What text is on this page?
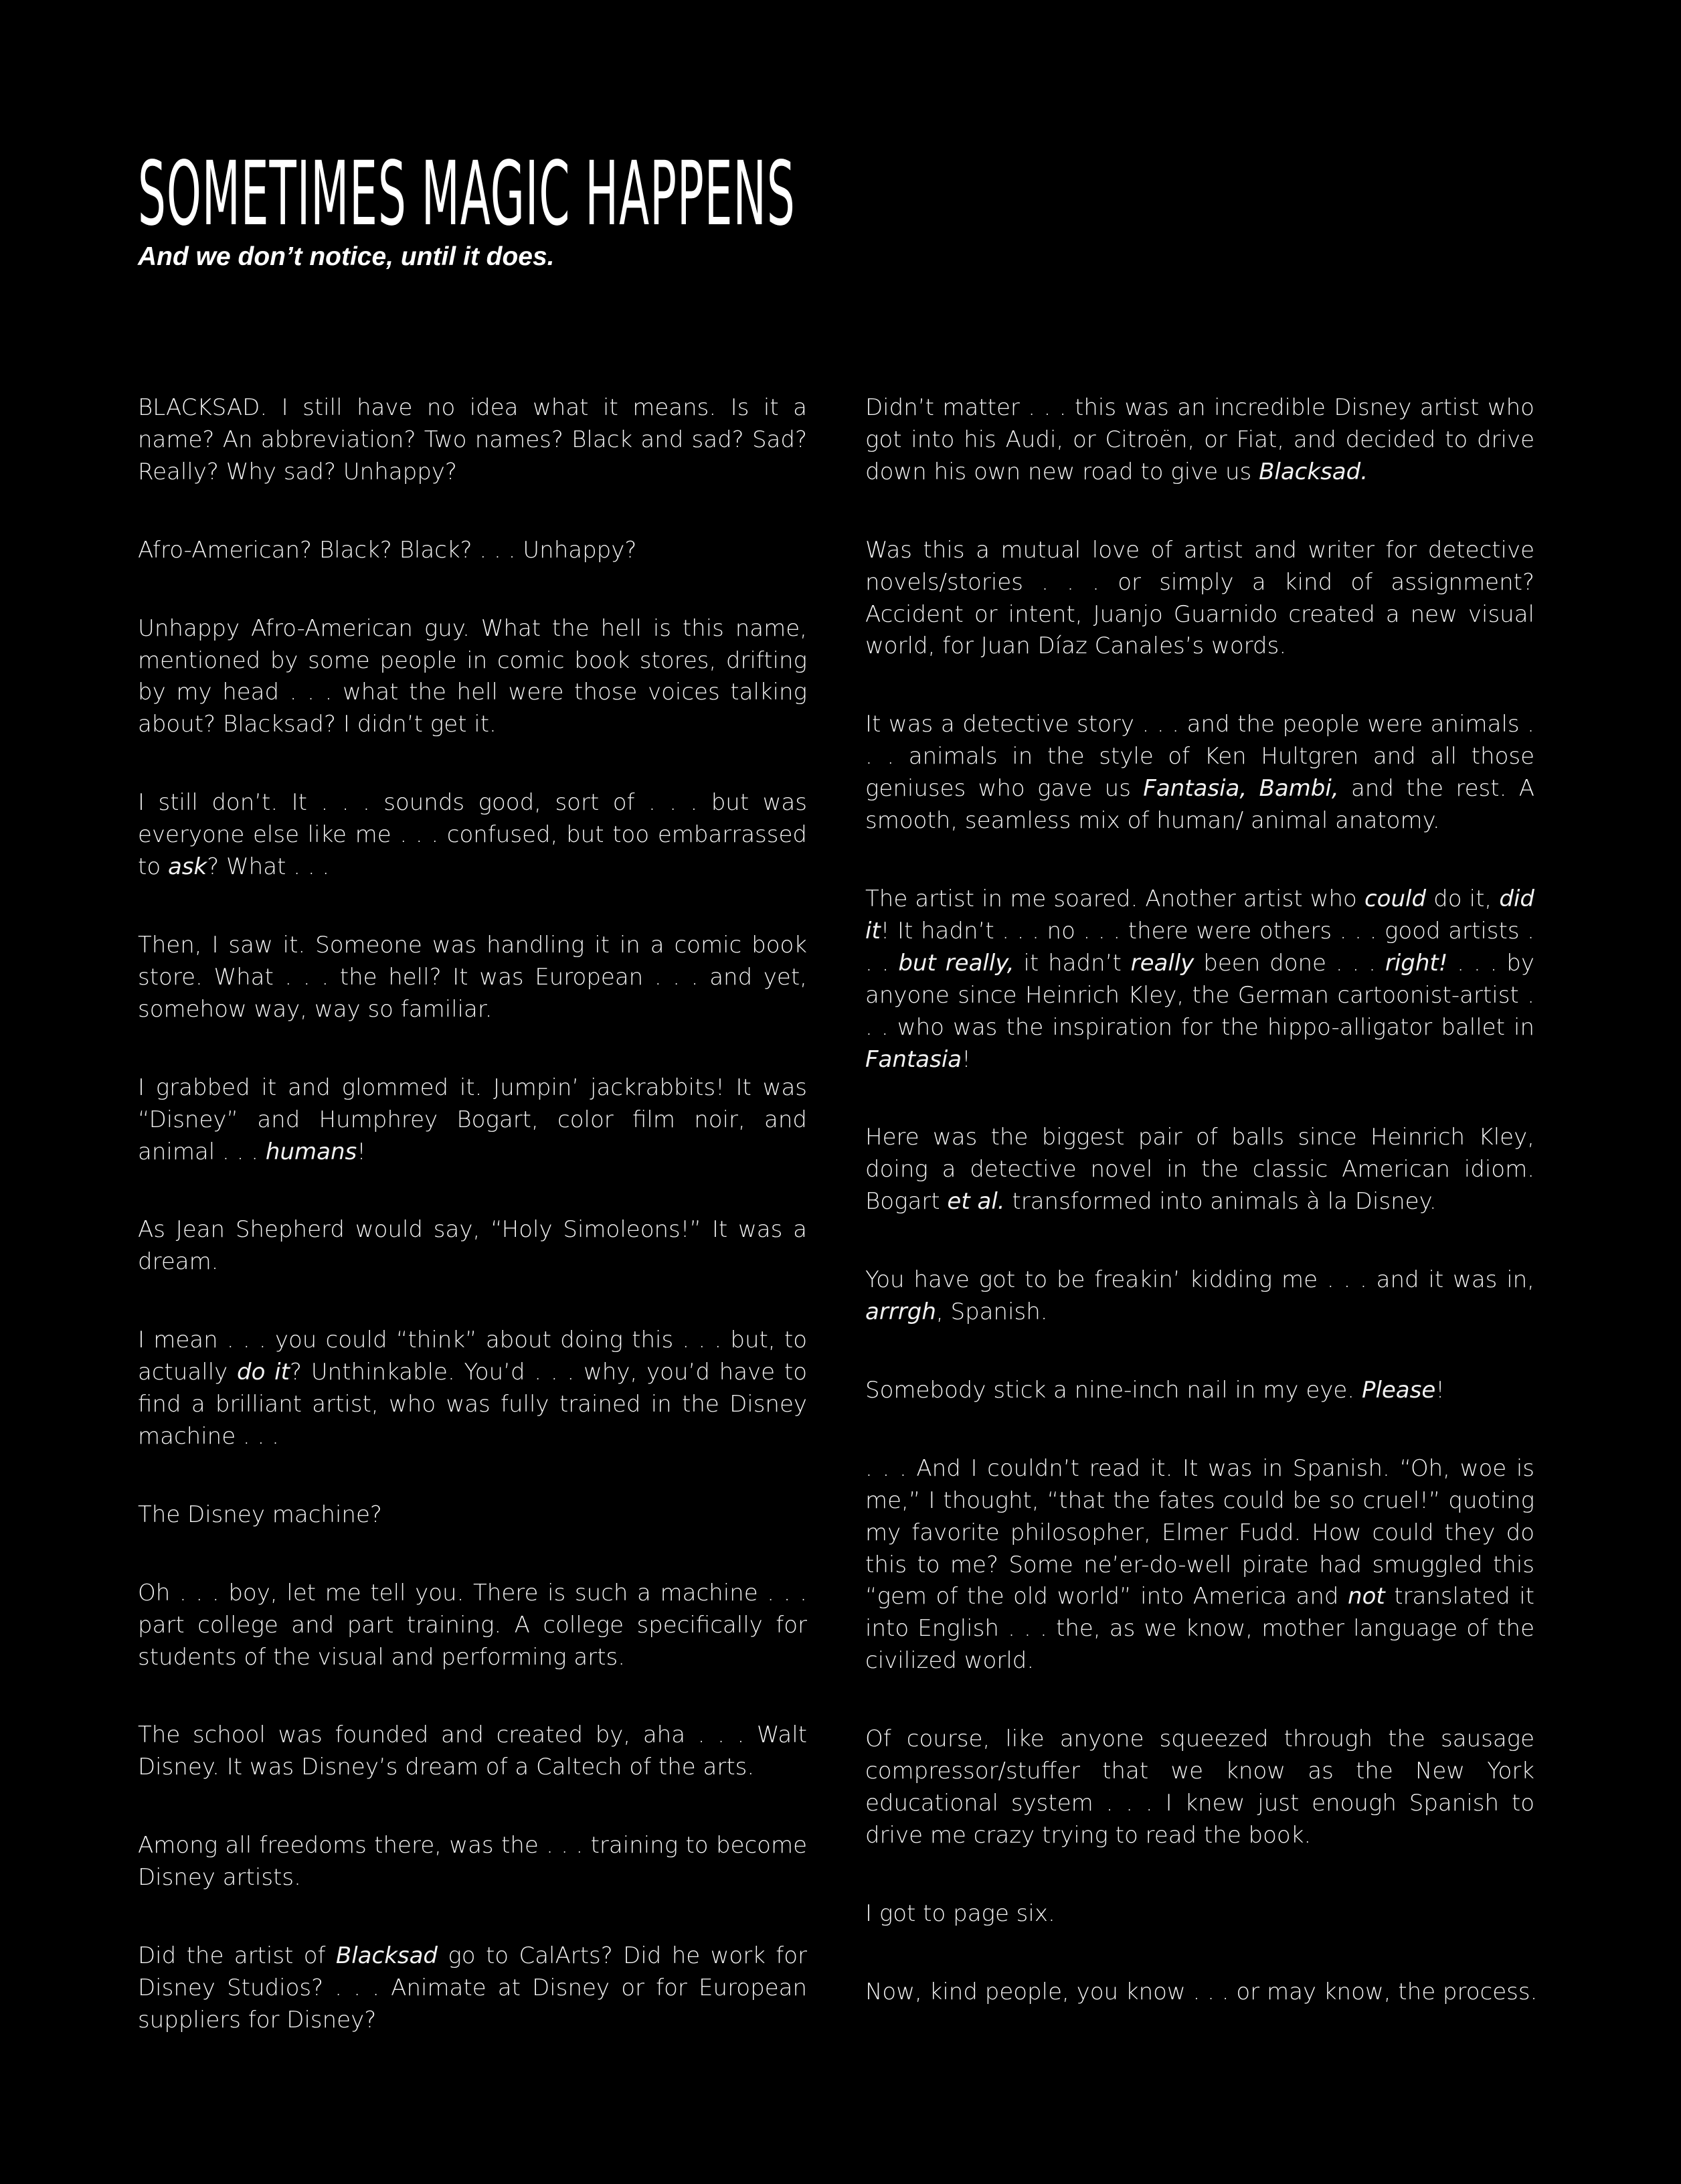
SOMETIMES MAGIC HAPPENS
And we don’t notice, until it does.

BLACKSAD. I still have no idea what it means. Is it a name? An abbreviation? Two names? Black and sad? Sad? Really? Why sad? Unhappy?

Afro-American? Black? Black? . . . Unhappy?

Unhappy Afro-American guy. What the hell is this name, mentioned by some people in comic book stores, drifting by my head . . . what the hell were those voices talking about? Blacksad? I didn’t get it.

I still don’t. It . . . sounds good, sort of . . . but was everyone else like me . . . confused, but too embarrassed to ask? What . . .

Then, I saw it. Someone was handling it in a comic book store. What . . . the hell? It was European . . . and yet, somehow way, way so familiar.

I grabbed it and glommed it. Jumpin’ jackrabbits! It was “Disney” and Humphrey Bogart, color film noir, and animal . . . humans!

As Jean Shepherd would say, “Holy Simoleons!” It was a dream.

I mean . . . you could “think” about doing this . . . but, to actually do it? Unthinkable. You’d . . . why, you’d have to find a brilliant artist, who was fully trained in the Disney machine . . .

The Disney machine?

Oh . . . boy, let me tell you. There is such a machine . . . part college and part training. A college specifically for students of the visual and performing arts.

The school was founded and created by, aha . . . Walt Disney. It was Disney’s dream of a Caltech of the arts.

Among all freedoms there, was the . . . training to become Disney artists.

Did the artist of Blacksad go to CalArts? Did he work for Disney Studios? . . . Animate at Disney or for European suppliers for Disney?

Didn’t matter . . . this was an incredible Disney artist who got into his Audi, or Citroën, or Fiat, and decided to drive down his own new road to give us Blacksad.

Was this a mutual love of artist and writer for detective novels/stories . . . or simply a kind of assignment? Accident or intent, Juanjo Guarnido created a new visual world, for Juan Díaz Canales’s words.

It was a detective story . . . and the people were animals . . . animals in the style of Ken Hultgren and all those geniuses who gave us Fantasia, Bambi, and the rest. A smooth, seamless mix of human/ animal anatomy.

The artist in me soared. Another artist who could do it, did it! It hadn’t . . . no . . . there were others . . . good artists . . . but really, it hadn’t really been done . . . right! . . . by anyone since Heinrich Kley, the German cartoonist-artist . . . who was the inspiration for the hippo-alligator ballet in Fantasia!

Here was the biggest pair of balls since Heinrich Kley, doing a detective novel in the classic American idiom. Bogart et al. transformed into animals à la Disney.

You have got to be freakin’ kidding me . . . and it was in, arrrgh, Spanish.

Somebody stick a nine-inch nail in my eye. Please!

. . . And I couldn’t read it. It was in Spanish. “Oh, woe is me,” I thought, “that the fates could be so cruel!” quoting my favorite philosopher, Elmer Fudd. How could they do this to me? Some ne’er-do-well pirate had smuggled this “gem of the old world” into America and not translated it into English . . . the, as we know, mother language of the civilized world.

Of course, like anyone squeezed through the sausage compressor/stuffer that we know as the New York educational system . . . I knew just enough Spanish to drive me crazy trying to read the book.

I got to page six.

Now, kind people, you know . . . or may know, the process.
